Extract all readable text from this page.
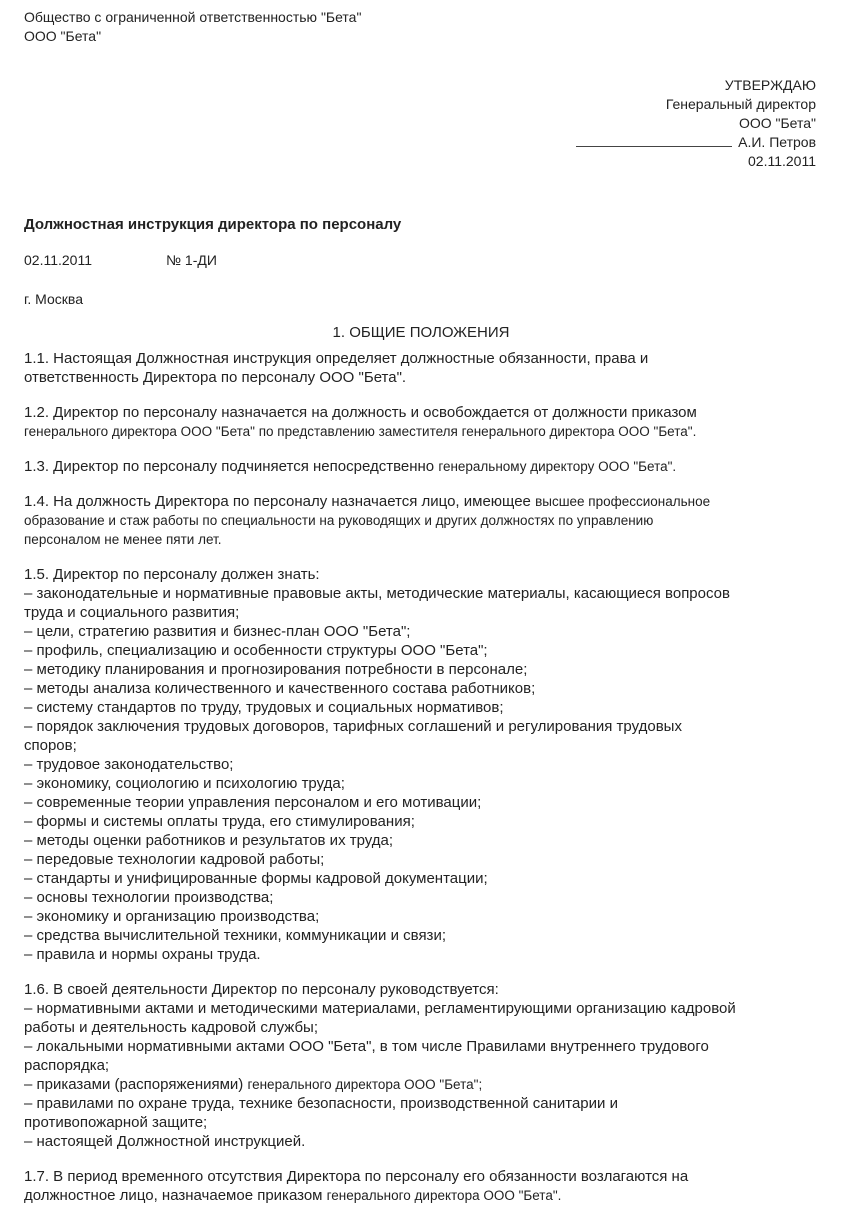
Общество с ограниченной ответственностью "Бета"

ООО "Бета"

УТВЕРЖДАЮ
Генеральный директор
ООО "Бета"
А.И. Петров
02.11.2011
Должностная инструкция директора по персоналу
02.11.2011	№ 1-ДИ
г. Москва
1. ОБЩИЕ ПОЛОЖЕНИЯ

1.1. Настоящая Должностная инструкция определяет должностные обязанности, права и

ответственность Директора по персоналу ООО "Бета".

1.2. Директор по персоналу назначается на должность и освобождается от должности приказом

генерального директора ООО "Бета" по представлению заместителя генерального директора ООО "Бета".

1.3. Директор по персоналу подчиняется непосредственно генеральному директору ООО "Бета".

1.4. На должность Директора по персоналу назначается лицо, имеющее высшее профессиональное

образование и стаж работы по специальности на руководящих и других должностях по управлению

персоналом не менее пяти лет.

1.5. Директор по персоналу должен знать:

– законодательные и нормативные правовые акты, методические материалы, касающиеся вопросов

труда и социального развития;

– цели, стратегию развития и бизнес-план ООО "Бета";

– профиль, специализацию и особенности структуры ООО "Бета";

– методику планирования и прогнозирования потребности в персонале;

– методы анализа количественного и качественного состава работников;

– систему стандартов по труду, трудовых и социальных нормативов;

– порядок заключения трудовых договоров, тарифных соглашений и регулирования трудовых

споров;

– трудовое законодательство;

– экономику, социологию и психологию труда;

– современные теории управления персоналом и его мотивации;

– формы и системы оплаты труда, его стимулирования;

– методы оценки работников и результатов их труда;

– передовые технологии кадровой работы;

– стандарты и унифицированные формы кадровой документации;

– основы технологии производства;

– экономику и организацию производства;

– средства вычислительной техники, коммуникации и связи;

– правила и нормы охраны труда.

1.6. В своей деятельности Директор по персоналу руководствуется:

– нормативными актами и методическими материалами, регламентирующими организацию кадровой

работы и деятельность кадровой службы;

– локальными нормативными актами ООО "Бета", в том числе Правилами внутреннего трудового

распорядка;

– приказами (распоряжениями) генерального директора ООО "Бета";

– правилами по охране труда, технике безопасности, производственной санитарии и

противопожарной защите;

– настоящей Должностной инструкцией.

1.7. В период временного отсутствия Директора по персоналу его обязанности возлагаются на

должностное лицо, назначаемое приказом генерального директора ООО "Бета".
